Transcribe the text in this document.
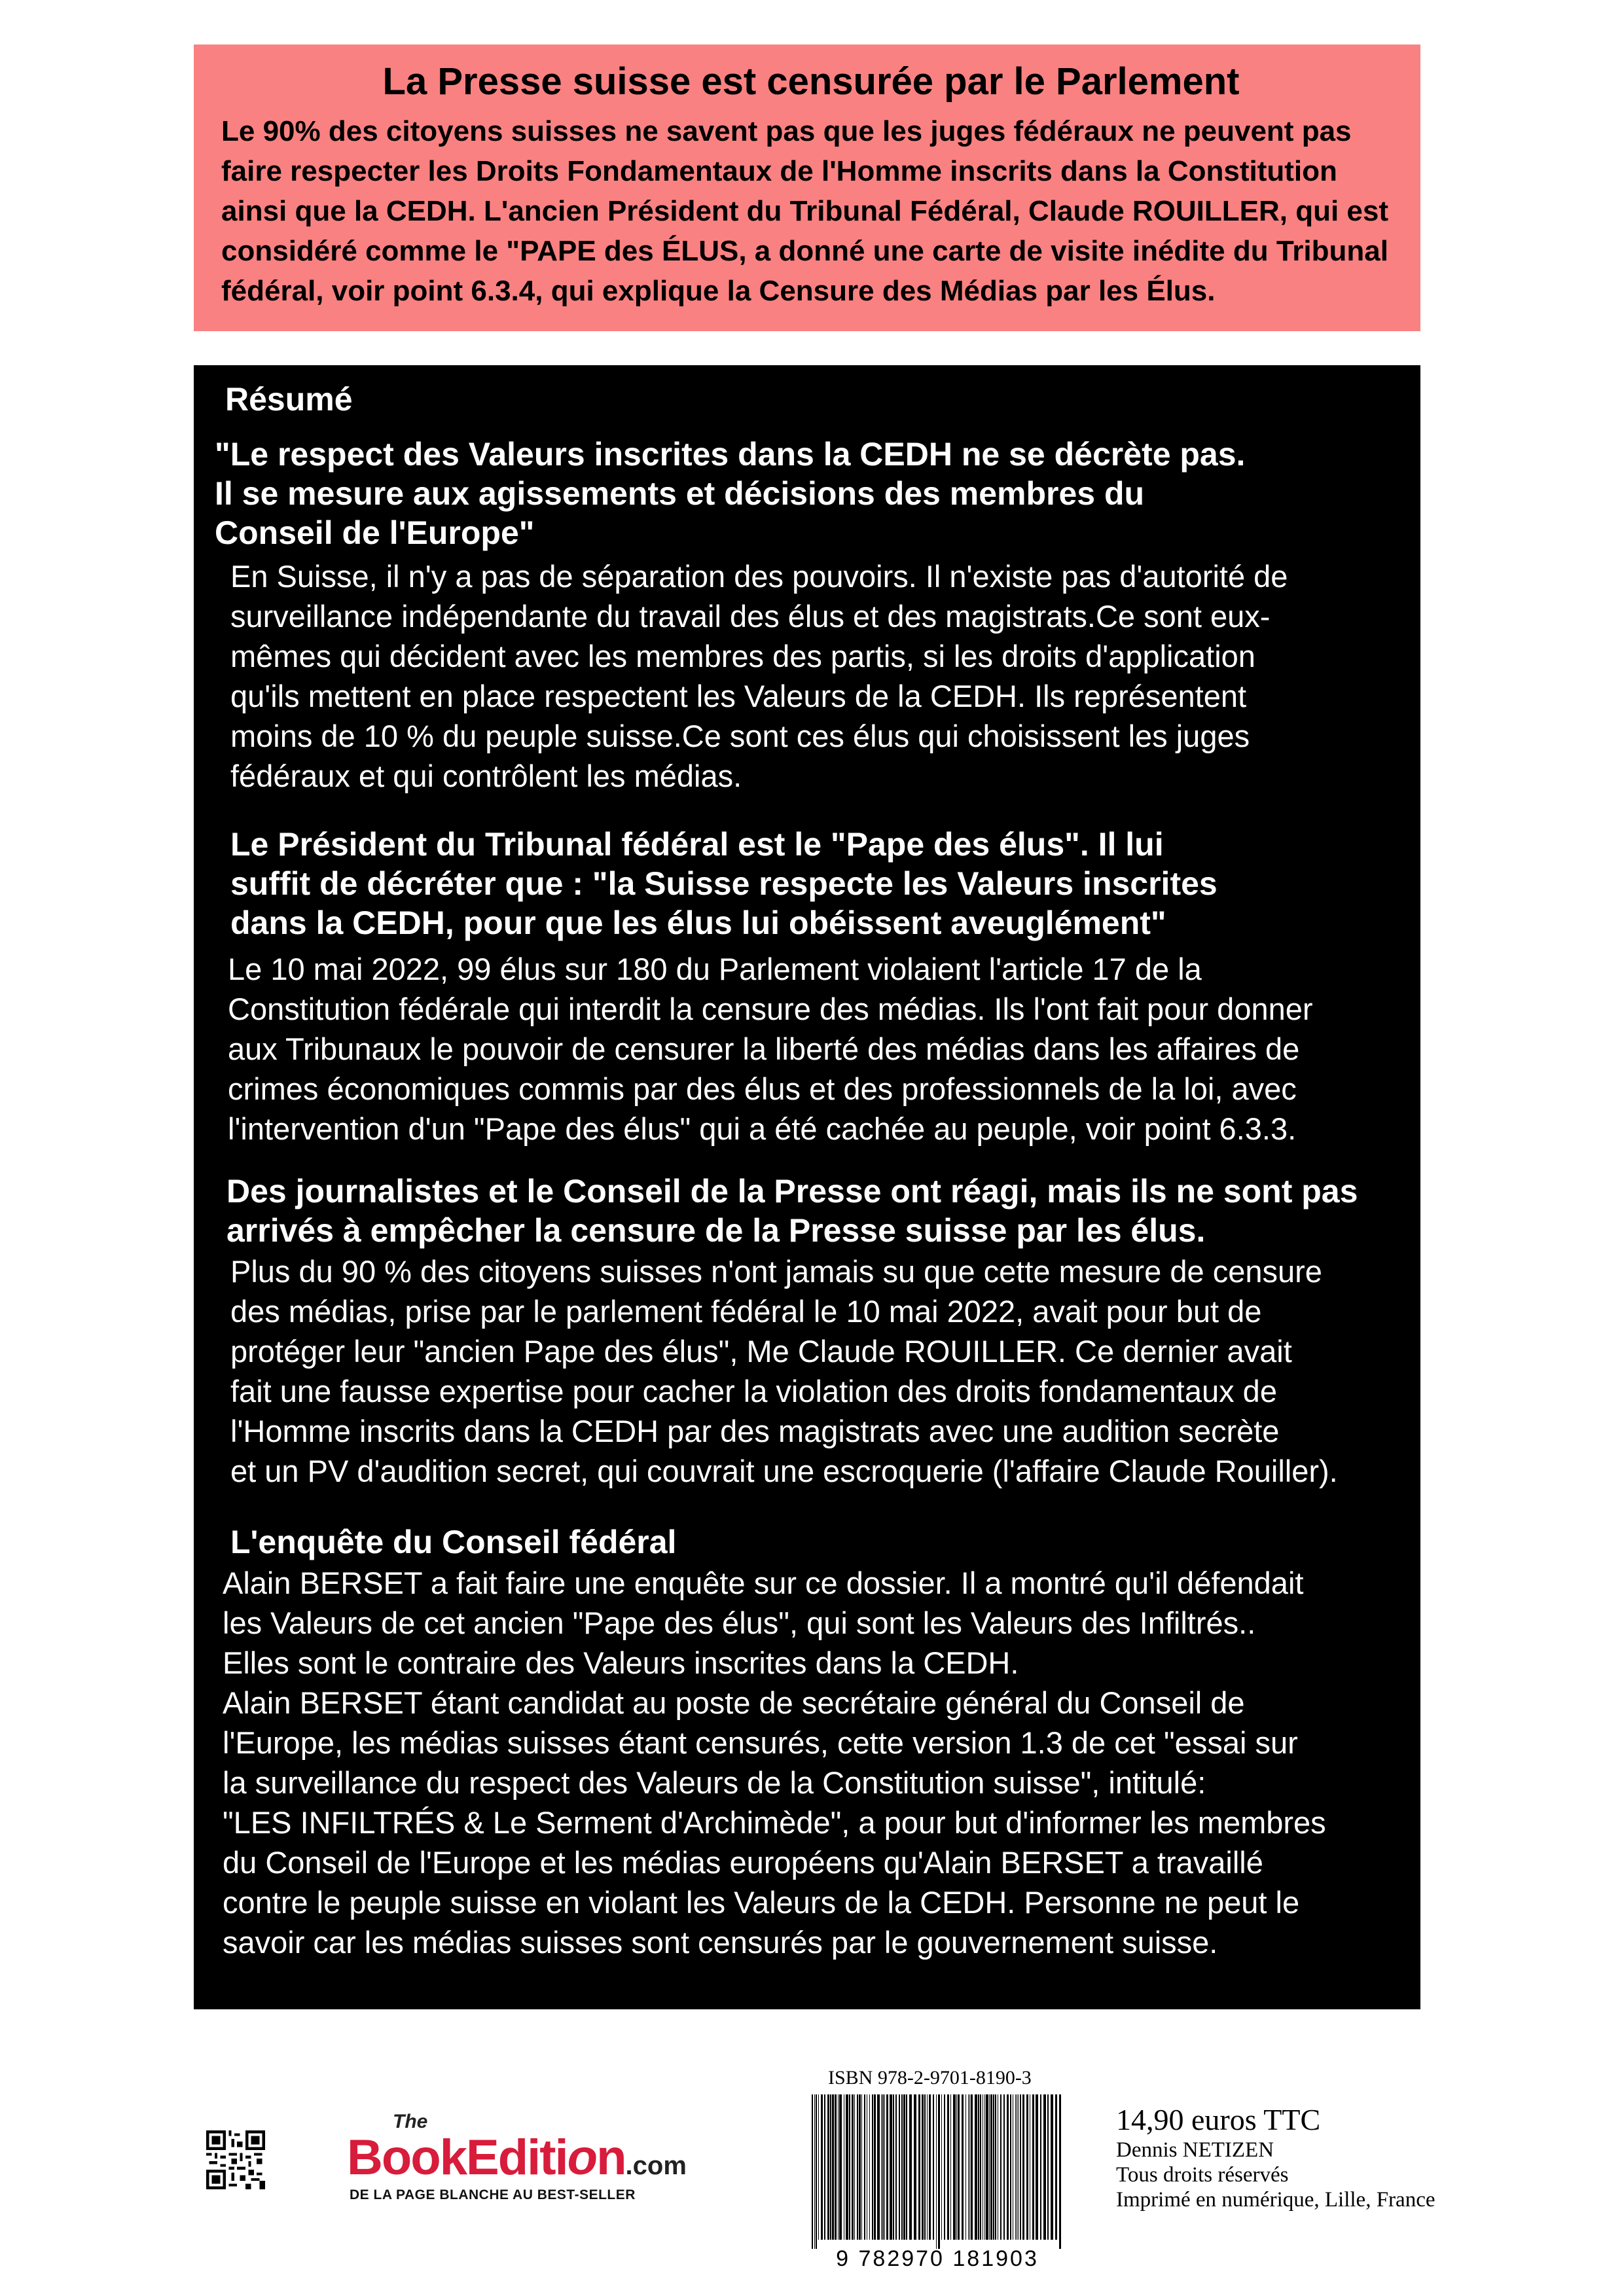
La Presse suisse est censurée par le Parlement
Le 90% des citoyens suisses ne savent pas que les juges fédéraux ne peuvent pas faire respecter les Droits Fondamentaux de l'Homme inscrits dans la Constitution ainsi que la CEDH. L'ancien Président du Tribunal Fédéral, Claude ROUILLER, qui est considéré comme le "PAPE des ÉLUS, a donné une carte de visite inédite du Tribunal fédéral, voir point 6.3.4, qui explique la Censure des Médias par les Élus.
Résumé
"Le respect des Valeurs inscrites dans la CEDH ne se décrète pas.
Il se mesure aux agissements et décisions des membres du
Conseil de l'Europe"
En Suisse, il n'y a pas de séparation des pouvoirs. Il n'existe pas d'autorité de
surveillance indépendante du travail des élus et des magistrats.Ce sont eux-
mêmes qui décident avec les membres des partis, si les droits d'application
qu'ils mettent en place respectent les Valeurs de la CEDH. Ils représentent
moins de 10 % du peuple suisse.Ce sont ces élus qui choisissent les juges
fédéraux et qui contrôlent les médias.
Le Président du Tribunal fédéral est le "Pape des élus". Il lui
suffit de décréter que : "la Suisse respecte les Valeurs inscrites
dans la CEDH, pour que les élus lui obéissent aveuglément"
Le 10 mai 2022, 99 élus sur 180 du Parlement violaient l'article 17 de la
Constitution fédérale qui interdit la censure des médias. Ils l'ont fait pour donner
aux Tribunaux le pouvoir de censurer la liberté des médias dans les affaires de
crimes économiques commis par des élus et des professionnels de la loi, avec
l'intervention d'un "Pape des élus" qui a été cachée au peuple, voir point 6.3.3.
Des journalistes et le Conseil de la Presse ont réagi, mais ils ne sont pas
arrivés à empêcher la censure de la Presse suisse par les élus.
Plus du 90 % des citoyens suisses n'ont jamais su que cette mesure de censure
des médias, prise par le parlement fédéral le 10 mai 2022, avait pour but de
protéger leur "ancien Pape des élus", Me Claude ROUILLER. Ce dernier avait
fait une fausse expertise pour cacher la violation des droits fondamentaux de
l'Homme inscrits dans la CEDH par des magistrats avec une audition secrète
et un PV d'audition secret, qui couvrait une escroquerie (l'affaire Claude Rouiller).
L'enquête du Conseil fédéral
Alain BERSET a fait faire une enquête sur ce dossier. Il a montré qu'il défendait
les Valeurs de cet ancien "Pape des élus", qui sont les Valeurs des Infiltrés..
Elles sont le contraire des Valeurs inscrites dans la CEDH.
Alain BERSET étant candidat au poste de secrétaire général du Conseil de
l'Europe, les médias suisses étant censurés, cette version 1.3 de cet "essai sur
la surveillance du respect des Valeurs de la Constitution suisse", intitulé:
"LES INFILTRÉS & Le Serment d'Archimède", a pour but d'informer les membres
du Conseil de l'Europe et les médias européens qu'Alain BERSET a travaillé
contre le peuple suisse en violant les Valeurs de la CEDH. Personne ne peut le
savoir car les médias suisses sont censurés par le gouvernement suisse.
The
BookEdition.com
DE LA PAGE BLANCHE AU BEST-SELLER
ISBN 978-2-9701-8190-3
9 782970 181903
14,90 euros TTC
Dennis NETIZEN
Tous droits réservés
Imprimé en numérique, Lille, France
